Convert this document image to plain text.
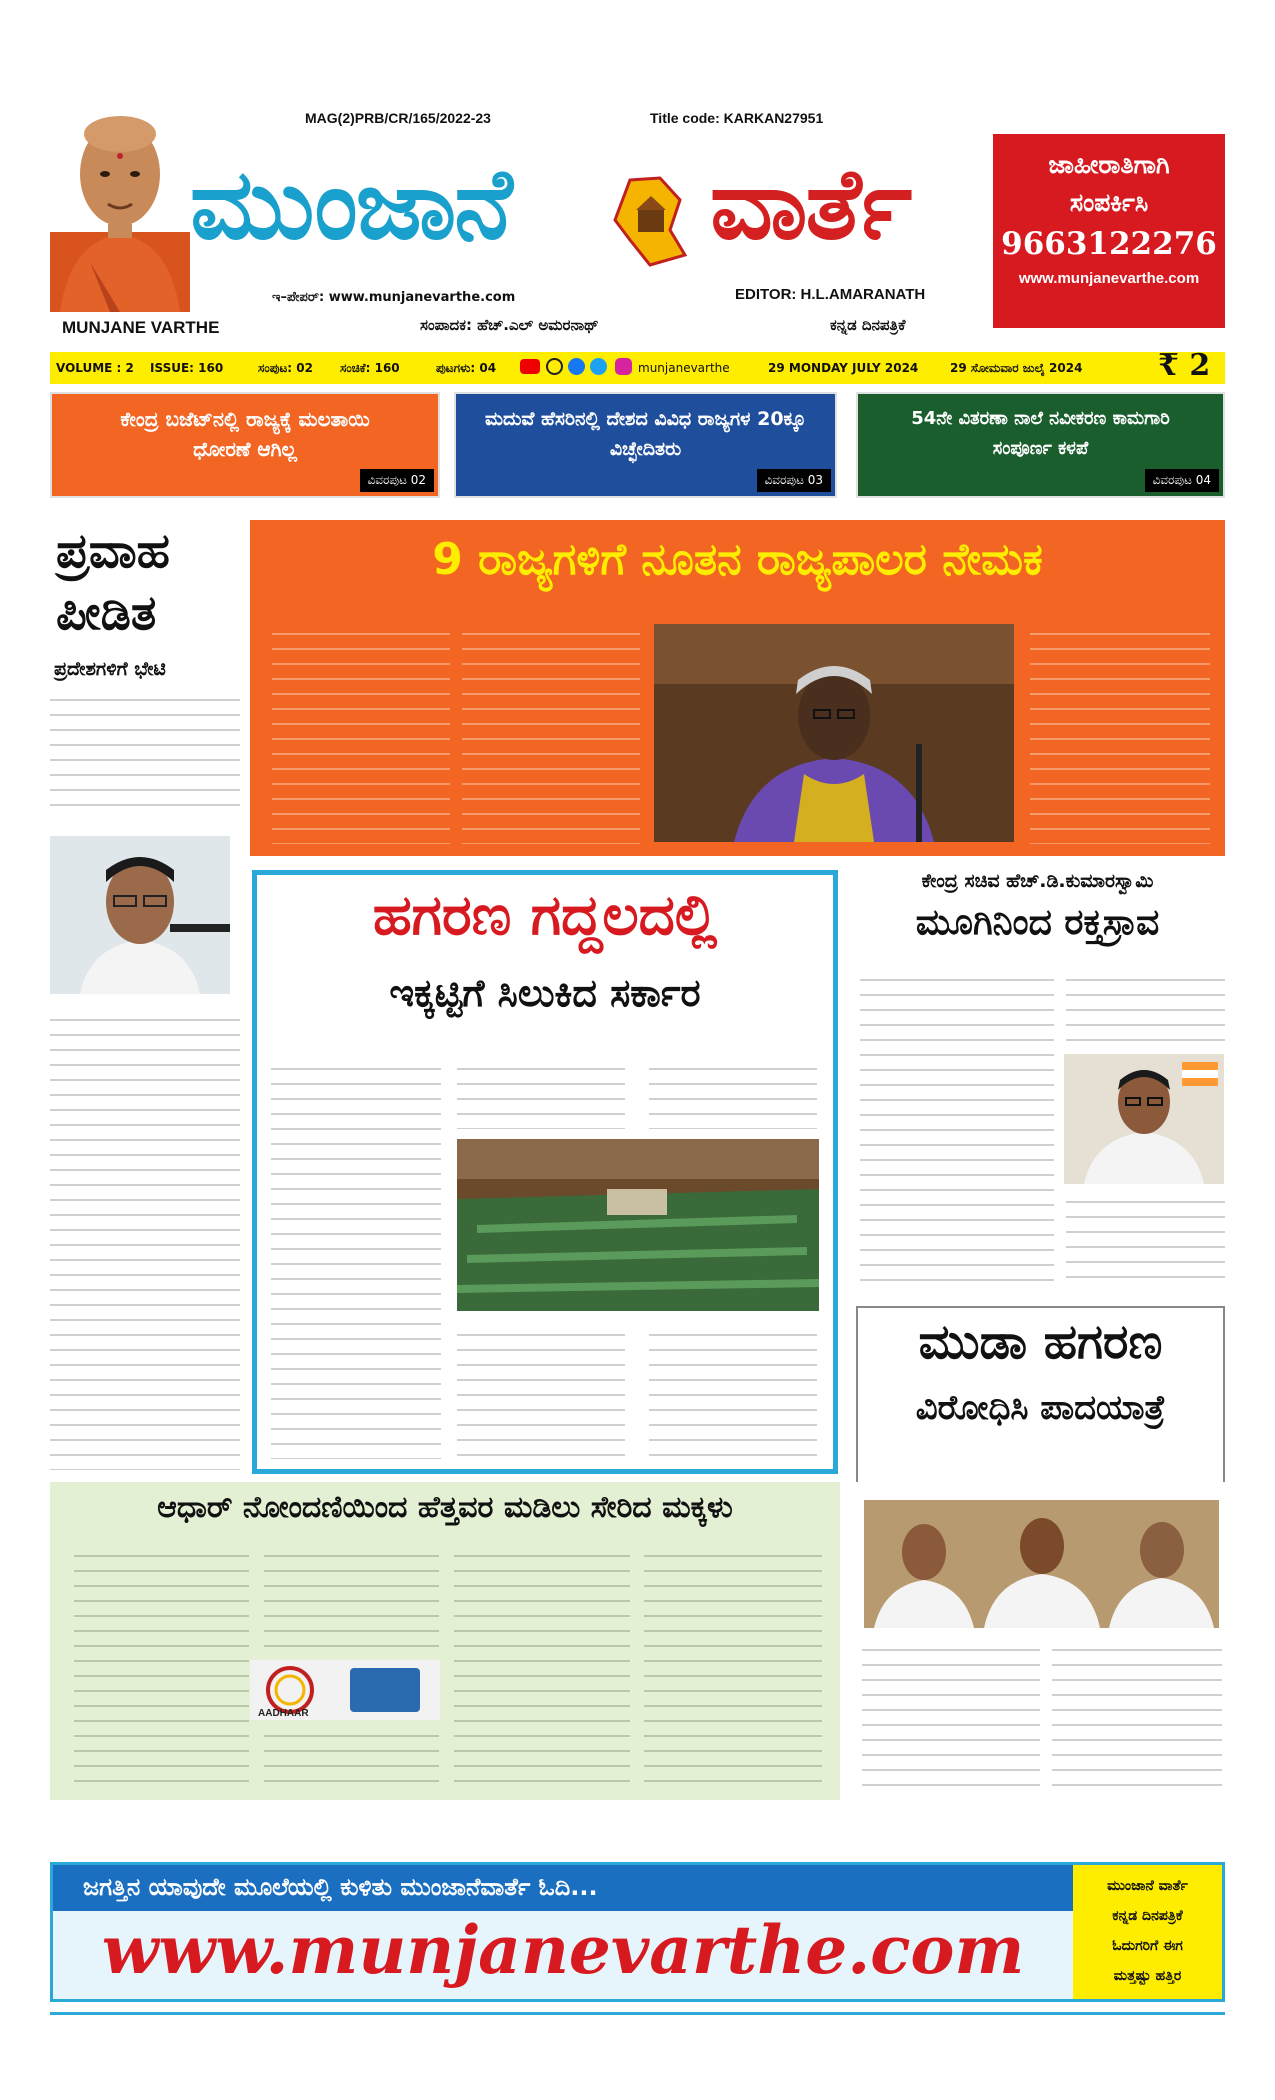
MUNJANE VARTHE
MAG(2)PRB/CR/165/2022-23	Title code: KARKAN27951
ಮುಂಜಾನೆ ವಾರ್ತೆ
ಇ–ಪೇಪರ್: www.munjanevarthe.com	EDITOR: H.L.AMARANATH
ಸಂಪಾದಕ: ಹೆಚ್.ಎಲ್ ಅಮರನಾಥ್	ಕನ್ನಡ ದಿನಪತ್ರಿಕೆ
ಜಾಹೀರಾತಿಗಾಗಿ
ಸಂಪರ್ಕಿಸಿ
9663122276
www.munjanevarthe.com
VOLUME : 2 ISSUE: 160	ಸಂಪುಟ: 02 ಸಂಚಿಕೆ: 160	ಪುಟಗಳು: 04	munjanevarthe	29 MONDAY JULY 2024	29 ಸೋಮವಾರ ಜುಲೈ 2024	₹ 2
ಕೇಂದ್ರ ಬಜೆಟ್‌ನಲ್ಲಿ ರಾಜ್ಯಕ್ಕೆ ಮಲತಾಯಿ ಧೋರಣೆ ಆಗಿಲ್ಲ
ವಿವರಪುಟ 02
ಮದುವೆ ಹೆಸರಿನಲ್ಲಿ ದೇಶದ ವಿವಿಧ ರಾಜ್ಯಗಳ 20ಕ್ಕೂ ವಿಚ್ಛೇದಿತರು
ವಿವರಪುಟ 03
54ನೇ ವಿತರಣಾ ನಾಲೆ ನವೀಕರಣ ಕಾಮಗಾರಿ ಸಂಪೂರ್ಣ ಕಳಪೆ
ವಿವರಪುಟ 04
ಪ್ರವಾಹ
ಪೀಡಿತ
ಪ್ರದೇಶಗಳಿಗೆ ಭೇಟಿ
9 ರಾಜ್ಯಗಳಿಗೆ ನೂತನ ರಾಜ್ಯಪಾಲರ ನೇಮಕ
ಹಗರಣ ಗದ್ದಲದಲ್ಲಿ
ಇಕ್ಕಟ್ಟಿಗೆ ಸಿಲುಕಿದ ಸರ್ಕಾರ
ಕೇಂದ್ರ ಸಚಿವ ಹೆಚ್.ಡಿ.ಕುಮಾರಸ್ವಾಮಿ
ಮೂಗಿನಿಂದ ರಕ್ತಸ್ರಾವ
ಮುಡಾ ಹಗರಣ
ವಿರೋಧಿಸಿ ಪಾದಯಾತ್ರೆ
ಆಧಾರ್ ನೋಂದಣಿಯಿಂದ ಹೆತ್ತವರ ಮಡಿಲು ಸೇರಿದ ಮಕ್ಕಳು
AADHAAR
ಜಗತ್ತಿನ ಯಾವುದೇ ಮೂಲೆಯಲ್ಲಿ ಕುಳಿತು ಮುಂಜಾನೆವಾರ್ತೆ ಓದಿ...
www.munjanevarthe.com
ಮುಂಜಾನೆ ವಾರ್ತೆ
ಕನ್ನಡ ದಿನಪತ್ರಿಕೆ
ಓದುಗರಿಗೆ ಈಗ
ಮತ್ತಷ್ಟು ಹತ್ತಿರ
